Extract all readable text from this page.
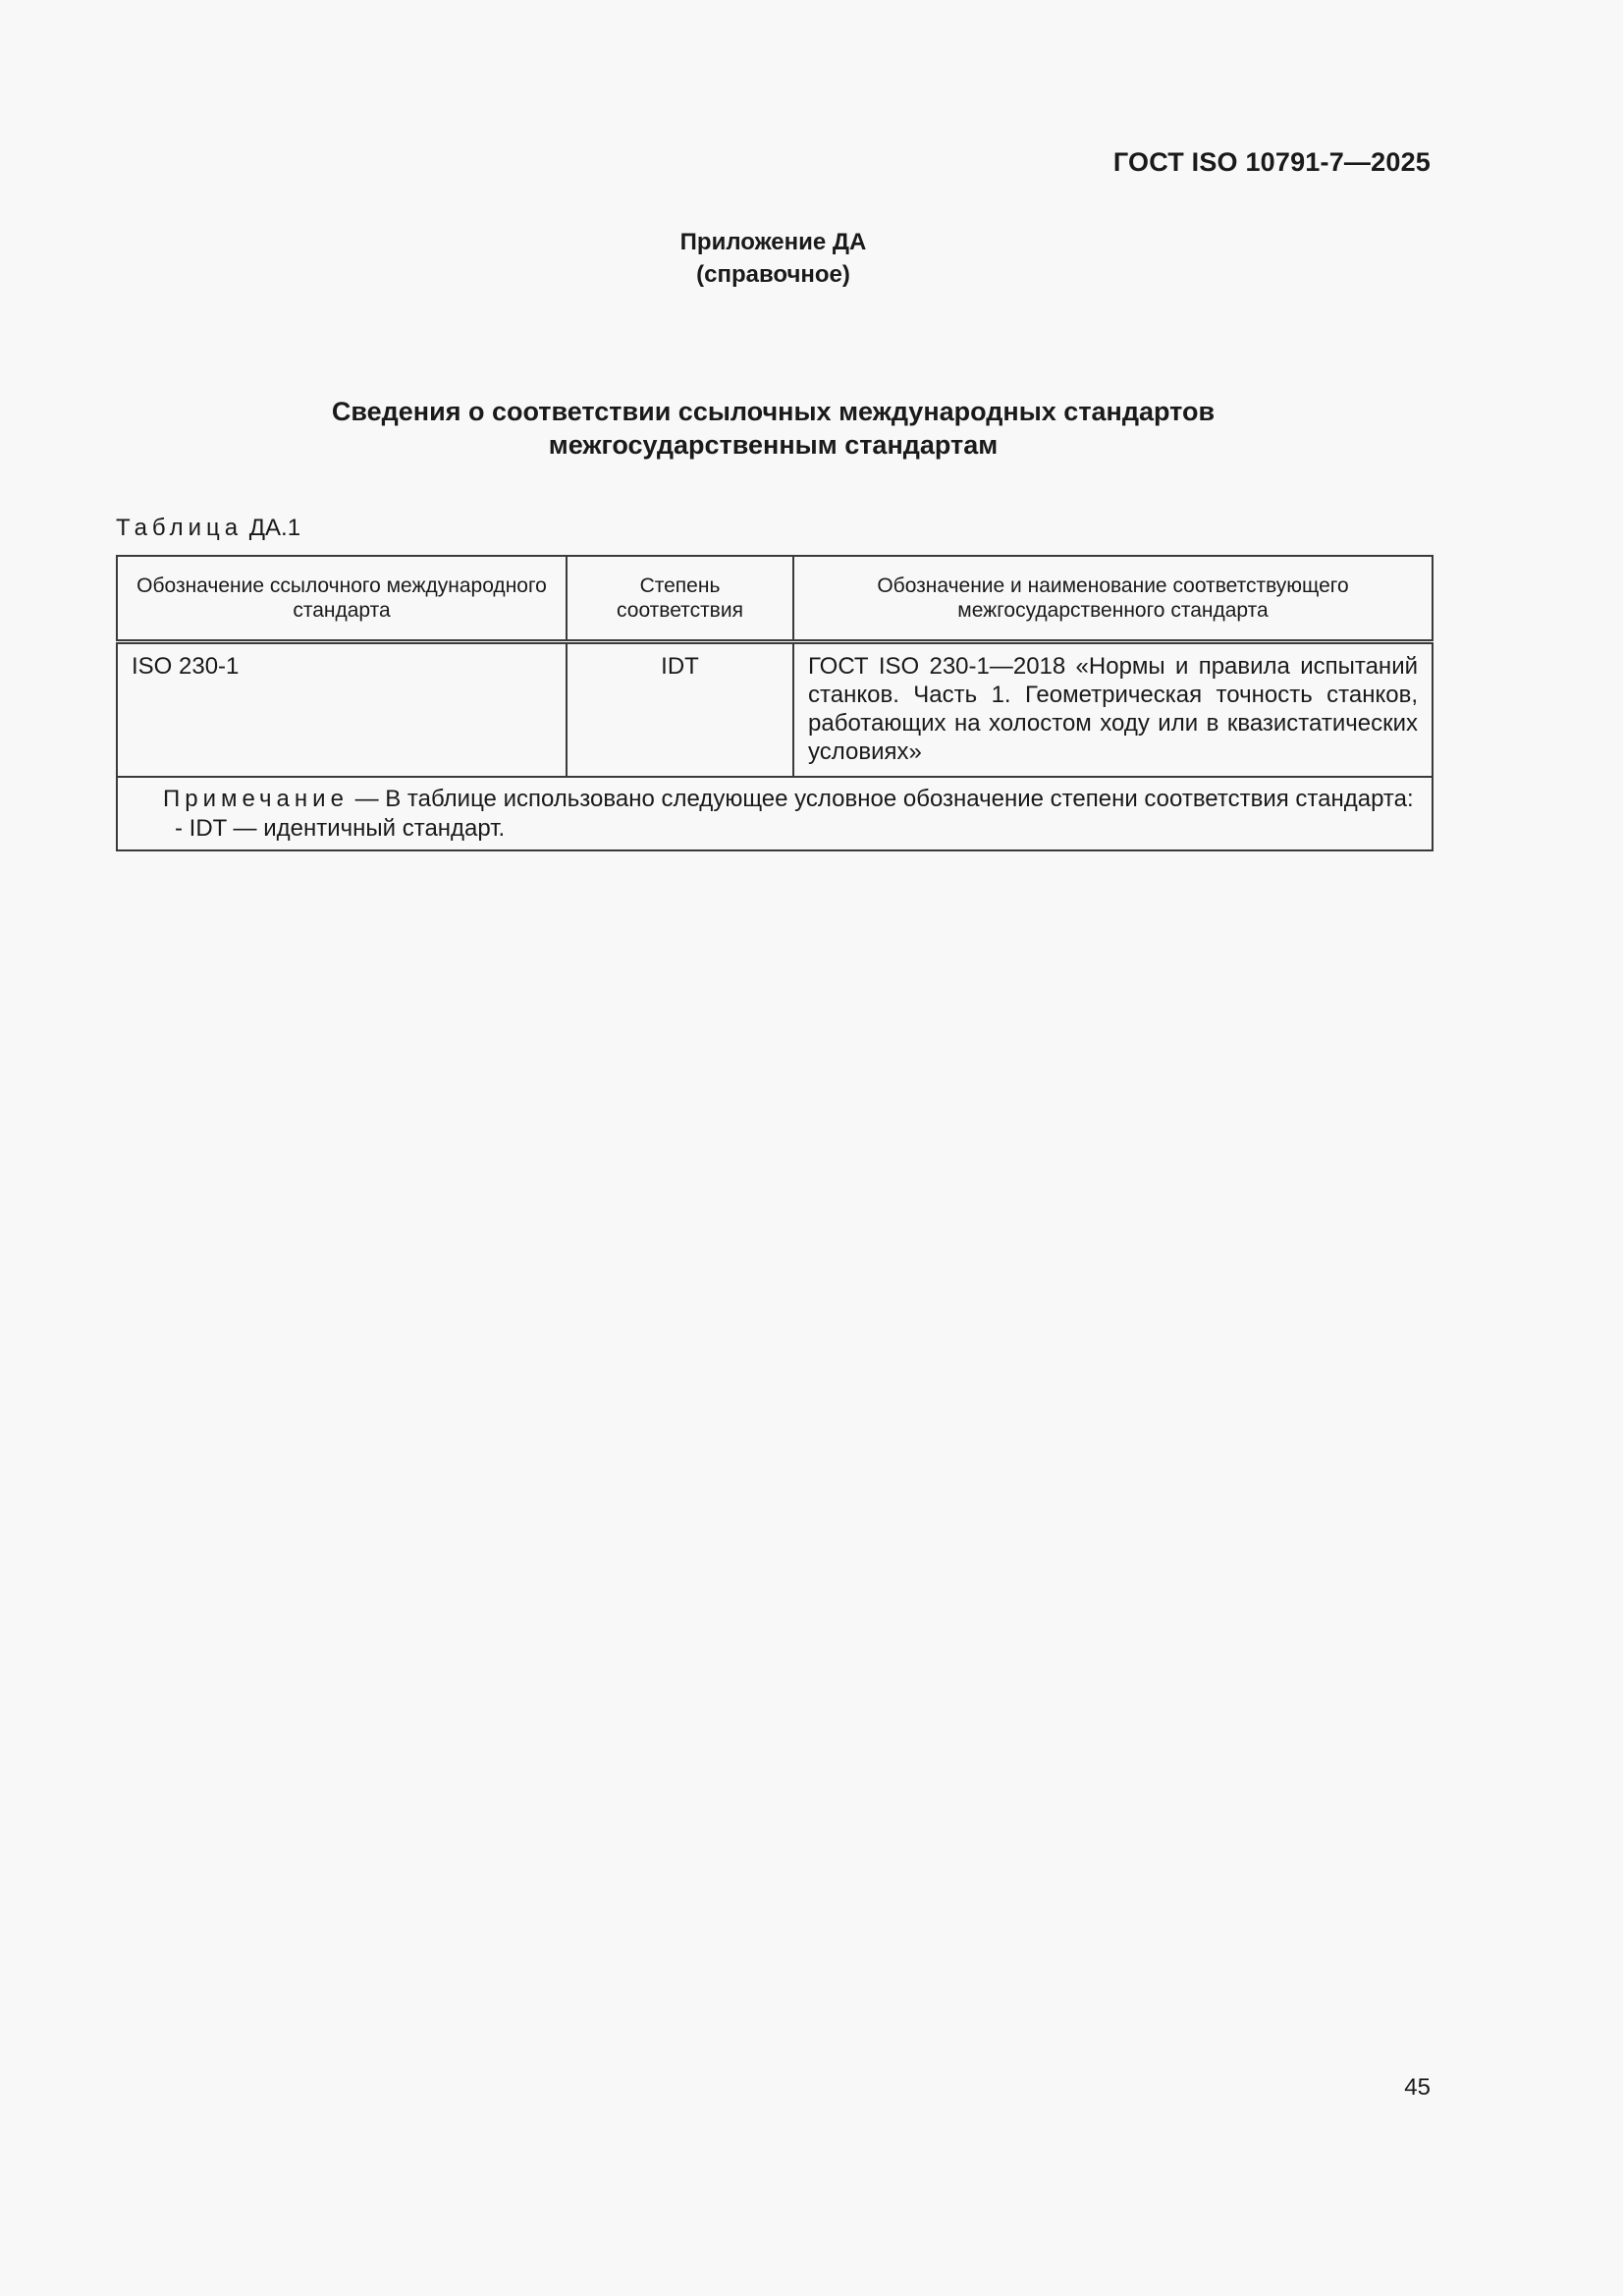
ГОСТ ISO 10791-7—2025
Приложение ДА
(справочное)
Сведения о соответствии ссылочных международных стандартов
межгосударственным стандартам
Таблица ДА.1
Обозначение ссылочного международного стандарта	Степень соответствия	Обозначение и наименование соответствующего межгосударственного стандарта
ISO 230-1	IDT	ГОСТ ISO 230-1—2018 «Нормы и правила испытаний станков. Часть 1. Геометрическая точность станков, работающих на холостом ходу или в квазистатических условиях»

Примечание — В таблице использовано следующее условное обозначение степени соответствия стандарта:
- IDT — идентичный стандарт.		
45
